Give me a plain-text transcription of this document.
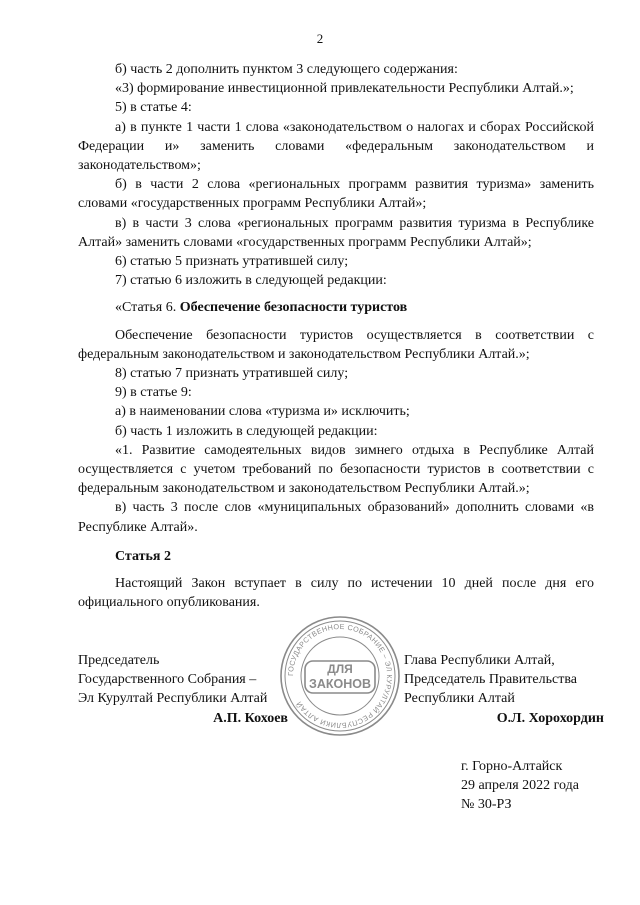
2

б) часть 2 дополнить пунктом 3 следующего содержания:

«3) формирование инвестиционной привлекательности Республики Алтай.»;

5) в статье 4:

а) в пункте 1 части 1 слова «законодательством о налогах и сборах Российской Федерации и» заменить словами «федеральным законодательством и законодательством»;

б) в части 2 слова «региональных программ развития туризма» заменить словами «государственных программ Республики Алтай»;

в) в части 3 слова «региональных программ развития туризма в Республике Алтай» заменить словами «государственных программ Республики Алтай»;

6) статью 5 признать утратившей силу;

7) статью 6 изложить в следующей редакции:

«Статья 6. Обеспечение безопасности туристов

Обеспечение безопасности туристов осуществляется в соответствии с федеральным законодательством и законодательством Республики Алтай.»;

8) статью 7 признать утратившей силу;

9) в статье 9:

а) в наименовании слова «туризма и» исключить;

б) часть 1 изложить в следующей редакции:

«1. Развитие самодеятельных видов зимнего отдыха в Республике Алтай осуществляется с учетом требований по безопасности туристов в соответствии с федеральным законодательством и законодательством Республики Алтай.»;

в) часть 3 после слов «муниципальных образований» дополнить словами «в Республике Алтай».

Статья 2

Настоящий Закон вступает в силу по истечении 10 дней после дня его официального опубликования.

Председатель
Государственного Собрания –
Эл Курултай Республики Алтай
А.П. Кохоев
ГОСУДАРСТВЕННОЕ СОБРАНИЕ – ЭЛ КУРУЛТАЙ РЕСПУБЛИКИ АЛТАЙ
ДЛЯ
ЗАКОНОВ
Глава Республики Алтай,
Председатель Правительства
Республики Алтай
О.Л. Хорохордин
г. Горно-Алтайск
29 апреля 2022 года
№ 30-РЗ
